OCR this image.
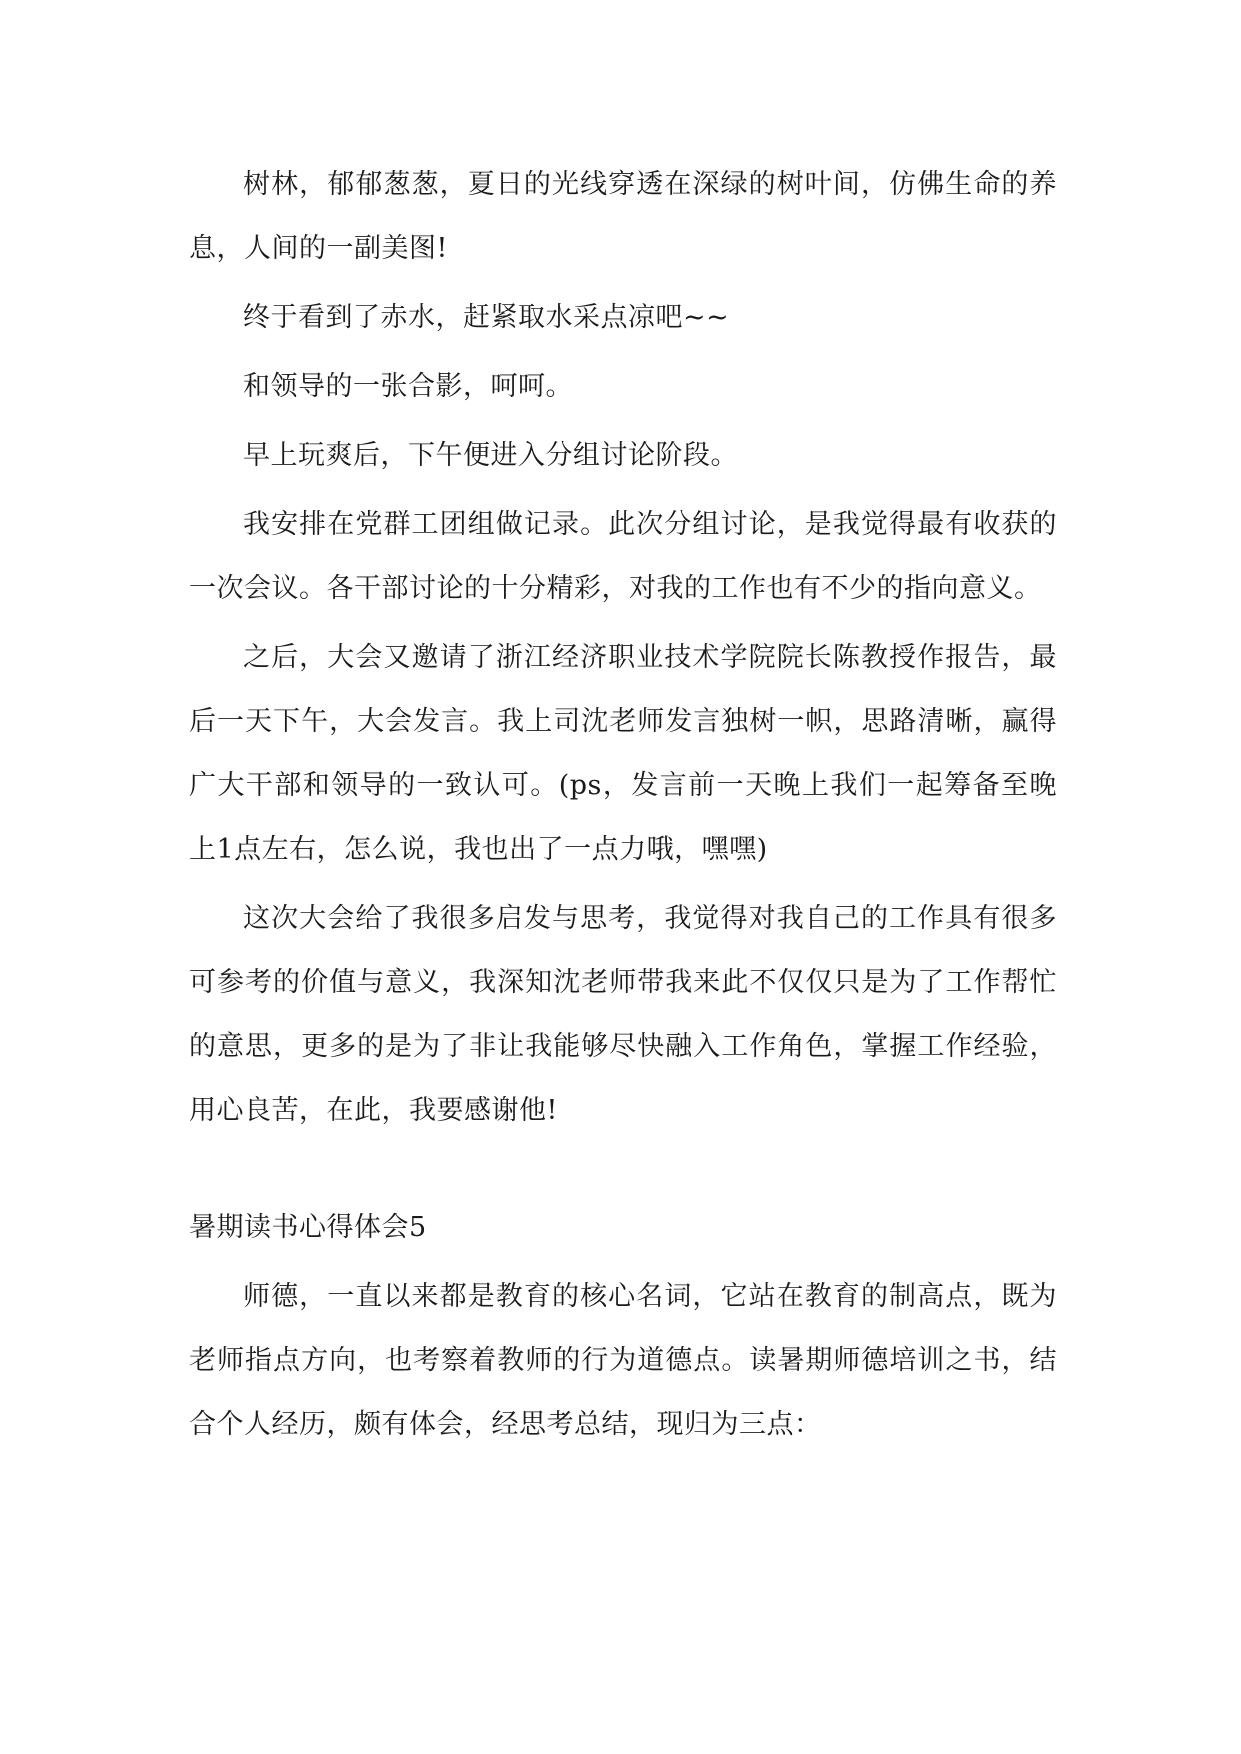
树林，郁郁葱葱，夏日的光线穿透在深绿的树叶间，仿佛生命的养息，人间的一副美图!

终于看到了赤水，赶紧取水采点凉吧~~

和领导的一张合影，呵呵。

早上玩爽后，下午便进入分组讨论阶段。

我安排在党群工团组做记录。此次分组讨论，是我觉得最有收获的一次会议。各干部讨论的十分精彩，对我的工作也有不少的指向意义。

之后，大会又邀请了浙江经济职业技术学院院长陈教授作报告，最后一天下午，大会发言。我上司沈老师发言独树一帜，思路清晰，赢得广大干部和领导的一致认可。(ps，发言前一天晚上我们一起筹备至晚上1点左右，怎么说，我也出了一点力哦，嘿嘿)

这次大会给了我很多启发与思考，我觉得对我自己的工作具有很多可参考的价值与意义，我深知沈老师带我来此不仅仅只是为了工作帮忙的意思，更多的是为了非让我能够尽快融入工作角色，掌握工作经验，用心良苦，在此，我要感谢他!

暑期读书心得体会5

师德，一直以来都是教育的核心名词，它站在教育的制高点，既为老师指点方向，也考察着教师的行为道德点。读暑期师德培训之书，结合个人经历，颇有体会，经思考总结，现归为三点：
